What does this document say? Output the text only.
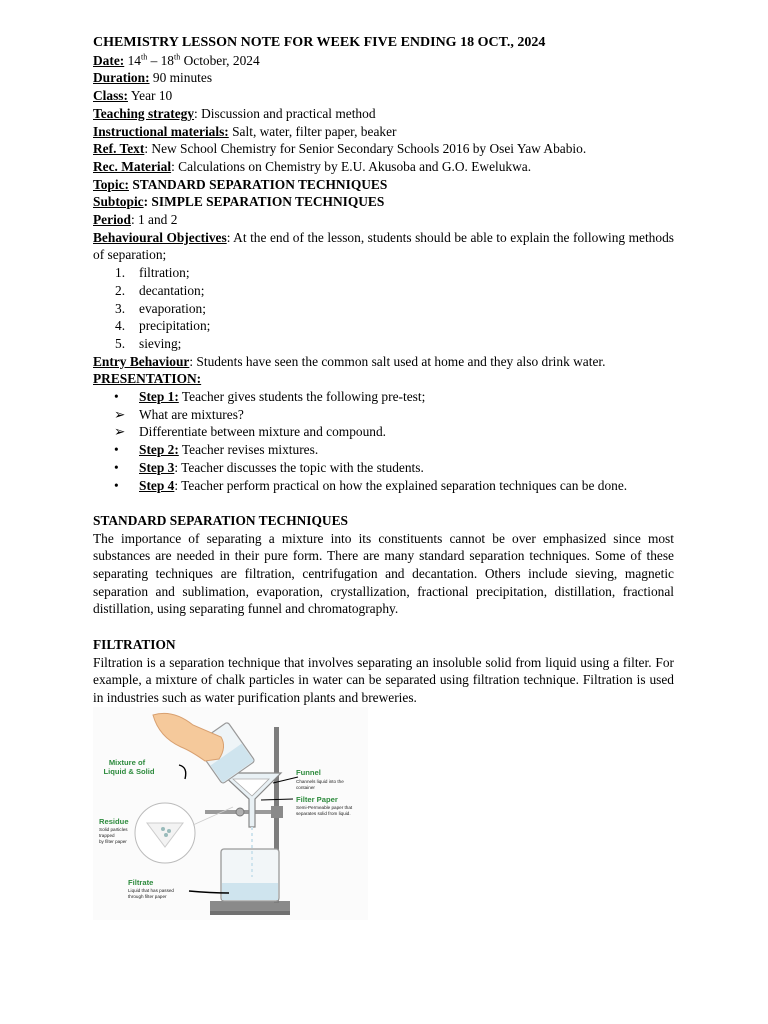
CHEMISTRY LESSON NOTE FOR WEEK FIVE ENDING 18 OCT., 2024
Date: 14th – 18th October, 2024
Duration: 90 minutes
Class: Year 10
Teaching strategy: Discussion and practical method
Instructional materials: Salt, water, filter paper, beaker
Ref. Text: New School Chemistry for Senior Secondary Schools 2016 by Osei Yaw Ababio.
Rec. Material: Calculations on Chemistry by E.U. Akusoba and G.O. Ewelukwa.
Topic: STANDARD SEPARATION TECHNIQUES
Subtopic: SIMPLE SEPARATION TECHNIQUES
Period: 1 and 2
Behavioural Objectives: At the end of the lesson, students should be able to explain the following methods of separation;
1. filtration;
2. decantation;
3. evaporation;
4. precipitation;
5. sieving;
Entry Behaviour: Students have seen the common salt used at home and they also drink water.
PRESENTATION:
• Step 1: Teacher gives students the following pre-test;
➢ What are mixtures?
➢ Differentiate between mixture and compound.
• Step 2: Teacher revises mixtures.
• Step 3: Teacher discusses the topic with the students.
• Step 4: Teacher perform practical on how the explained separation techniques can be done.
STANDARD SEPARATION TECHNIQUES
The importance of separating a mixture into its constituents cannot be over emphasized since most substances are needed in their pure form. There are many standard separation techniques. Some of these separating techniques are filtration, centrifugation and decantation. Others include sieving, magnetic separation and sublimation, evaporation, crystallization, fractional precipitation, distillation, fractional distillation, using separating funnel and chromatography.
FILTRATION
Filtration is a separation technique that involves separating an insoluble solid from liquid using a filter. For example, a mixture of chalk particles in water can be separated using filtration technique. Filtration is used in industries such as water purification plants and breweries.
Mixture of
Liquid & Solid	Funnel
Channels liquid into the
container
Filter Paper
Semi-Permeable paper that
separates solid from liquid.
Residue
Solid particles
trapped
by filter paper
Filtrate
Liquid that has passed
through filter paper
